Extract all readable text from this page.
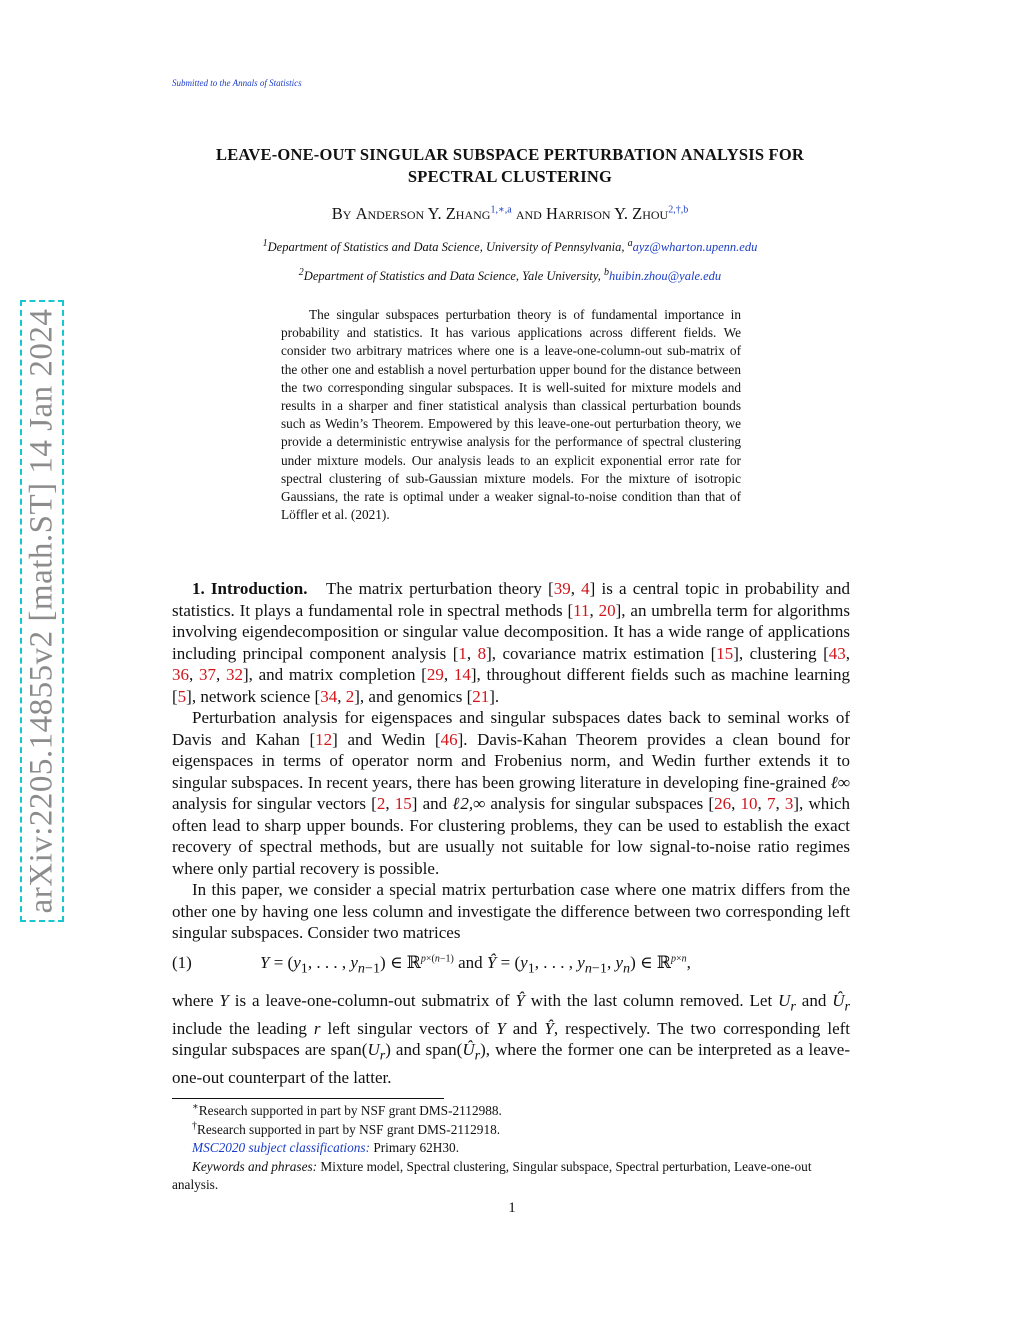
Submitted to the Annals of Statistics
arXiv:2205.14855v2 [math.ST] 14 Jan 2024
LEAVE-ONE-OUT SINGULAR SUBSPACE PERTURBATION ANALYSIS FOR
SPECTRAL CLUSTERING
By Anderson Y. Zhang$^{1,∗,a}$ and Harrison Y. Zhou$^{2,\dagger,b}$
$^1$Department of Statistics and Data Science, University of Pennsylvania, $^a$ayz@wharton.upenn.edu
$^2$Department of Statistics and Data Science, Yale University, $^b$huibin.zhou@yale.edu

The singular subspaces perturbation theory is of fundamental importance in probability and statistics. It has various applications across different fields. We consider two arbitrary matrices where one is a leave-one-column-out sub-matrix of the other one and establish a novel perturbation upper bound for the distance between the two corresponding singular subspaces. It is well-suited for mixture models and results in a sharper and finer statistical analysis than classical perturbation bounds such as Wedin’s Theorem. Empowered by this leave-one-out perturbation theory, we provide a deterministic entrywise analysis for the performance of spectral clustering under mixture models. Our analysis leads to an explicit exponential error rate for spectral clustering of sub-Gaussian mixture models. For the mixture of isotropic Gaussians, the rate is optimal under a weaker signal-to-noise condition than that of Löffler et al. (2021).

1. Introduction. The matrix perturbation theory [39, 4] is a central topic in probability and statistics. It plays a fundamental role in spectral methods [11, 20], an umbrella term for algorithms involving eigendecomposition or singular value decomposition. It has a wide range of applications including principal component analysis [1, 8], covariance matrix estimation [15], clustering [43, 36, 37, 32], and matrix completion [29, 14], throughout different fields such as machine learning [5], network science [34, 2], and genomics [21].

Perturbation analysis for eigenspaces and singular subspaces dates back to seminal works of Davis and Kahan [12] and Wedin [46]. Davis-Kahan Theorem provides a clean bound for eigenspaces in terms of operator norm and Frobenius norm, and Wedin further extends it to singular subspaces. In recent years, there has been growing literature in developing fine-grained ℓ∞ analysis for singular vectors [2, 15] and ℓ2,∞ analysis for singular subspaces [26, 10, 7, 3], which often lead to sharp upper bounds. For clustering problems, they can be used to establish the exact recovery of spectral methods, but are usually not suitable for low signal-to-noise ratio regimes where only partial recovery is possible.

In this paper, we consider a special matrix perturbation case where one matrix differs from the other one by having one less column and investigate the difference between two corresponding left singular subspaces. Consider two matrices

(1)	$Y = (y_1$, . . . , $y_{n-1}$) ∈ ℝ$^{p\times(n-1)}$ and Ŷ = ($y_1$, . . . , $y_{n-1}$, $y_n$) ∈ ℝ$^{p\times n}$,

where Y is a leave-one-column-out submatrix of Ŷ with the last column removed. Let $U_r$ and $Û_r$ include the leading r left singular vectors of Y and Ŷ, respectively. The two corresponding left singular subspaces are $span(U_r)$ and $span(Û_r)$, where the former one can be interpreted as a leave-one-out counterpart of the latter.

∗Research supported in part by NSF grant DMS-2112988.

†Research supported in part by NSF grant DMS-2112918.

MSC2020 subject classifications: Primary 62H30.

Keywords and phrases: Mixture model, Spectral clustering, Singular subspace, Spectral perturbation, Leave-one-out analysis.

1
